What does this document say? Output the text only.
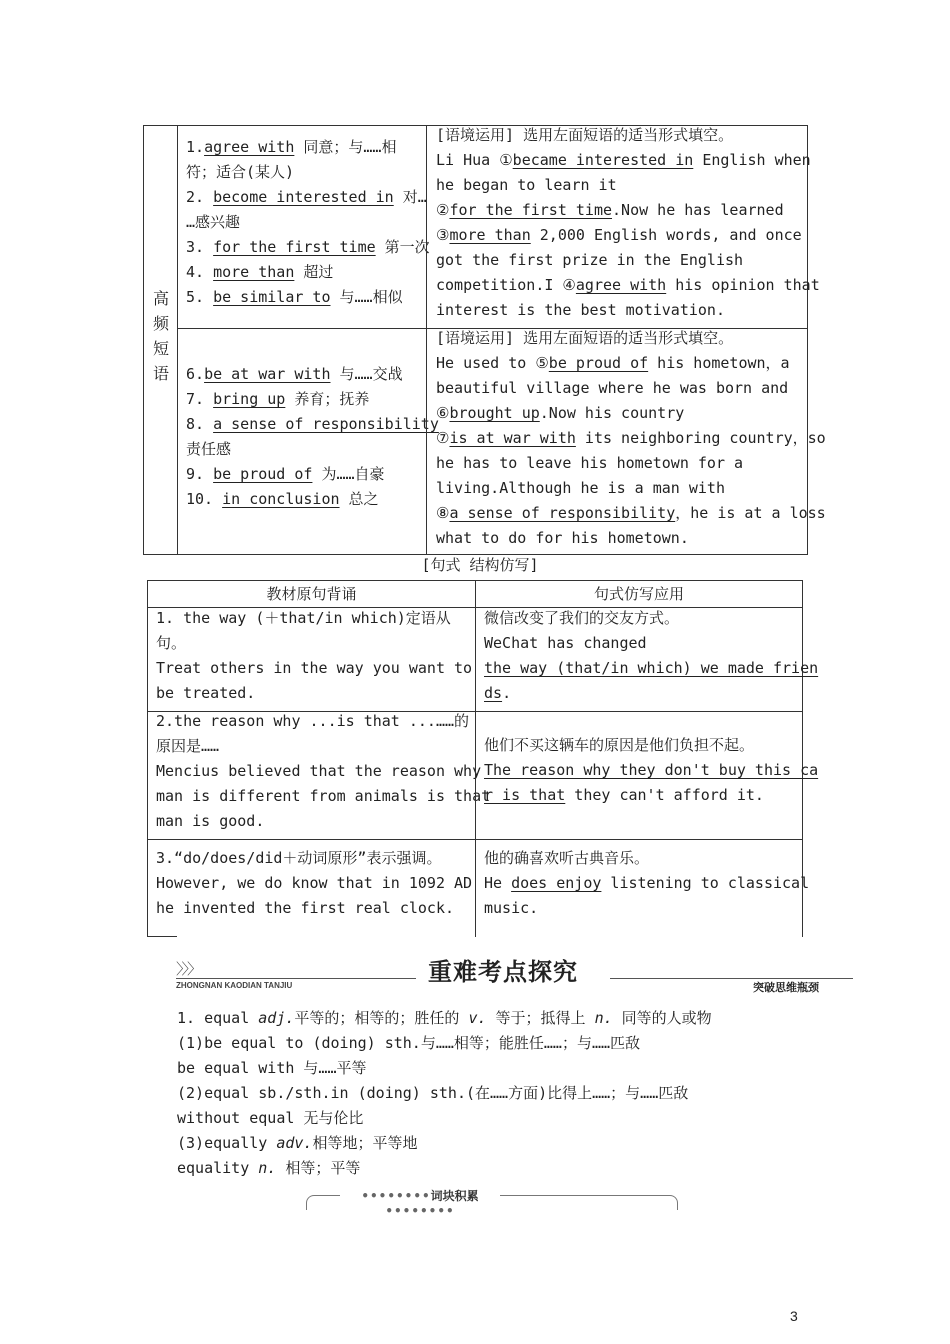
高
频
短
语
1.agree with 同意；与……相
符；适合(某人)
2. become interested in 对…
…感兴趣
3. for the first time 第一次
4. more than 超过
5. be similar to 与……相似
[语境运用] 选用左面短语的适当形式填空。
Li Hua ①became interested in English when
he began to learn it
②for the first time.Now he has learned
③more than 2,000 English words, and once
got the first prize in the English
competition.I ④agree with his opinion that
interest is the best motivation.
6.be at war with 与……交战
7. bring up 养育；抚养
8. a sense of responsibility
责任感
9. be proud of 为……自豪
10. in conclusion 总之
[语境运用] 选用左面短语的适当形式填空。
He used to ⑤be proud of his hometown，a
beautiful village where he was born and
⑥brought up.Now his country
⑦is at war with its neighboring country，so
he has to leave his hometown for a
living.Although he is a man with
⑧a sense of responsibility，he is at a loss
what to do for his hometown.
[句式 结构仿写]
教材原句背诵	句式仿写应用
1. the way (＋that/in which)定语从
句。
Treat others in the way you want to
be treated.
微信改变了我们的交友方式。
WeChat has changed
the way (that/in which) we made frien
ds.
2.the reason why ...is that ...……的
原因是……
Mencius believed that the reason why
man is different from animals is that
man is good.
他们不买这辆车的原因是他们负担不起。
The reason why they don't buy this ca
r is that they can't afford it.
3.“do/does/did＋动词原形”表示强调。
However, we do know that in 1092 AD
he invented the first real clock.
他的确喜欢听古典音乐。
He does enjoy listening to classical
music.
〉〉〉
ZHONGNAN KAODIAN TANJIU	重难考点探究
突破思维瓶颈
1. equal adj.平等的；相等的；胜任的 v. 等于；抵得上 n. 同等的人或物
(1)be equal to (doing) sth.与……相等；能胜任……；与……匹敌
be equal with 与……平等
(2)equal sb./sth.in (doing) sth.(在……方面)比得上……；与……匹敌
without equal 无与伦比
(3)equally adv.相等地；平等地
equality n. 相等；平等
••••••••词块积累••••••••
3
